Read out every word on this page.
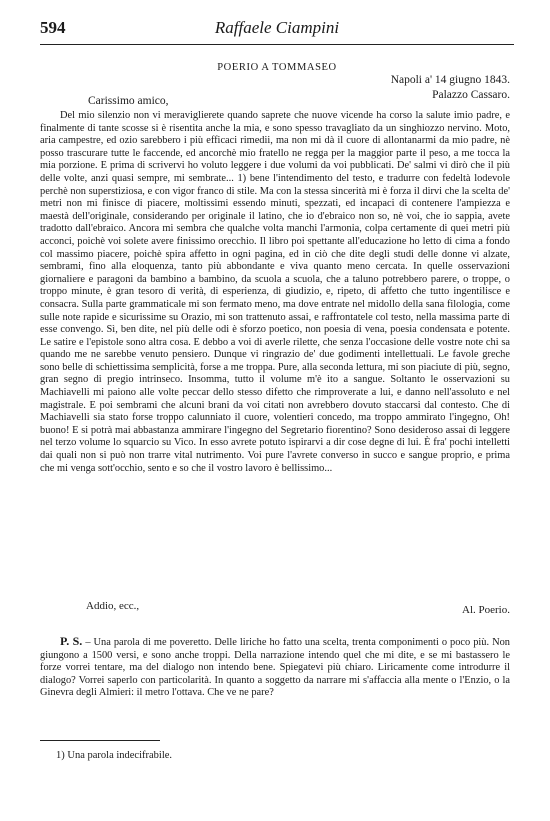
594	Raffaele Ciampini
POERIO A TOMMASEO
Napoli a' 14 giugno 1843.
Palazzo Cassaro.
Carissimo amico,

Del mio silenzio non vi meraviglierete quando saprete che nuove vicende ha corso la salute imio padre, e finalmente di tante scosse si è risentita anche la mia, e sono spesso travagliato da un singhiozzo nervino. Moto, aria campestre, ed ozio sarebbero i più efficaci rimedii, ma non mi dà il cuore di allontanarmi da mio padre, nè posso trascurare tutte le faccende, ed ancorchè mio fratello ne regga per la maggior parte il peso, a me tocca la mia porzione. E prima di scrivervi ho voluto leggere i due volumi da voi pubblicati. De' salmi vi dirò che il più delle volte, anzi quasi sempre, mi sembrate... 1) bene l'intendimento del testo, e tradurre con fedeltà lodevole perchè non superstiziosa, e con vigor franco di stile. Ma con la stessa sincerità mi è forza il dirvi che la scelta de' metri non mi finisce di piacere, moltissimi essendo minuti, spezzati, ed incapaci di contenere l'ampiezza e maestà dell'originale, considerando per originale il latino, che io d'ebraico non so, nè voi, che io sappia, avete tradotto dall'ebraico. Ancora mi sembra che qualche volta manchi l'armonia, colpa certamente di quei metri più acconci, poichè voi solete avere finissimo orecchio. Il libro poi spettante all'educazione ho letto di cima a fondo col massimo piacere, poichè spira affetto in ogni pagina, ed in ciò che dite degli studi delle donne vi alzate, sembrami, fino alla eloquenza, tanto più abbondante e viva quanto meno cercata. In quelle osservazioni giornaliere e paragoni da bambino a bambino, da scuola a scuola, che a taluno potrebbero parere, o troppe, o troppo minute, è gran tesoro di verità, di esperienza, di giudizio, e, ripeto, di affetto che tutto ingentilisce e consacra. Sulla parte grammaticale mi son fermato meno, ma dove entrate nel midollo della sana filologia, come sulle note rapide e sicurissime su Orazio, mi son trattenuto assai, e raffrontatele col testo, nella massima parte di esse convengo. Sì, ben dite, nel più delle odi è sforzo poetico, non poesia di vena, poesia condensata e potente. Le satire e l'epistole sono altra cosa. E debbo a voi di averle rilette, che senza l'occasione delle vostre note chi sa quando me ne sarebbe venuto pensiero. Dunque vi ringrazio de' due godimenti intellettuali. Le favole greche sono belle di schiettissima semplicità, forse a me troppa. Pure, alla seconda lettura, mi son piaciute di più, segno, gran segno di pregio intrinseco. Insomma, tutto il volume m'è ito a sangue. Soltanto le osservazioni su Machiavelli mi paiono alle volte peccar dello stesso difetto che rimproverate a lui, e danno nell'assoluto e nel magistrale. E poi sembrami che alcuni brani da voi citati non avrebbero dovuto staccarsi dal contesto. Che di Machiavelli sia stato forse troppo calunniato il cuore, volentieri concedo, ma troppo ammirato l'ingegno, Oh! buono! E si potrà mai abbastanza ammirare l'ingegno del Segretario fiorentino? Sono desideroso assai di leggere nel terzo volume lo squarcio su Vico. In esso avrete potuto ispirarvi a dir cose degne di lui. È fra' pochi intelletti dai quali non si può non trarre vital nutrimento. Voi pure l'avrete converso in succo e sangue proprio, e prima che mi venga sott'occhio, sento e so che il vostro lavoro è bellissimo...

Addio, ecc.,	Al. Poerio.

P. S. – Una parola di me poveretto. Delle liriche ho fatto una scelta, trenta componimenti o poco più. Non giungono a 1500 versi, e sono anche troppi. Della narrazione intendo quel che mi dite, e se mi bastassero le forze vorrei tentare, ma del dialogo non intendo bene. Spiegatevi più chiaro. Liricamente come introdurre il dialogo? Vorrei saperlo con particolarità. In quanto a soggetto da narrare mi s'affaccia alla mente o l'Enzio, o la Ginevra degli Almieri: il metro l'ottava. Che ve ne pare?

1) Una parola indecifrabile.
